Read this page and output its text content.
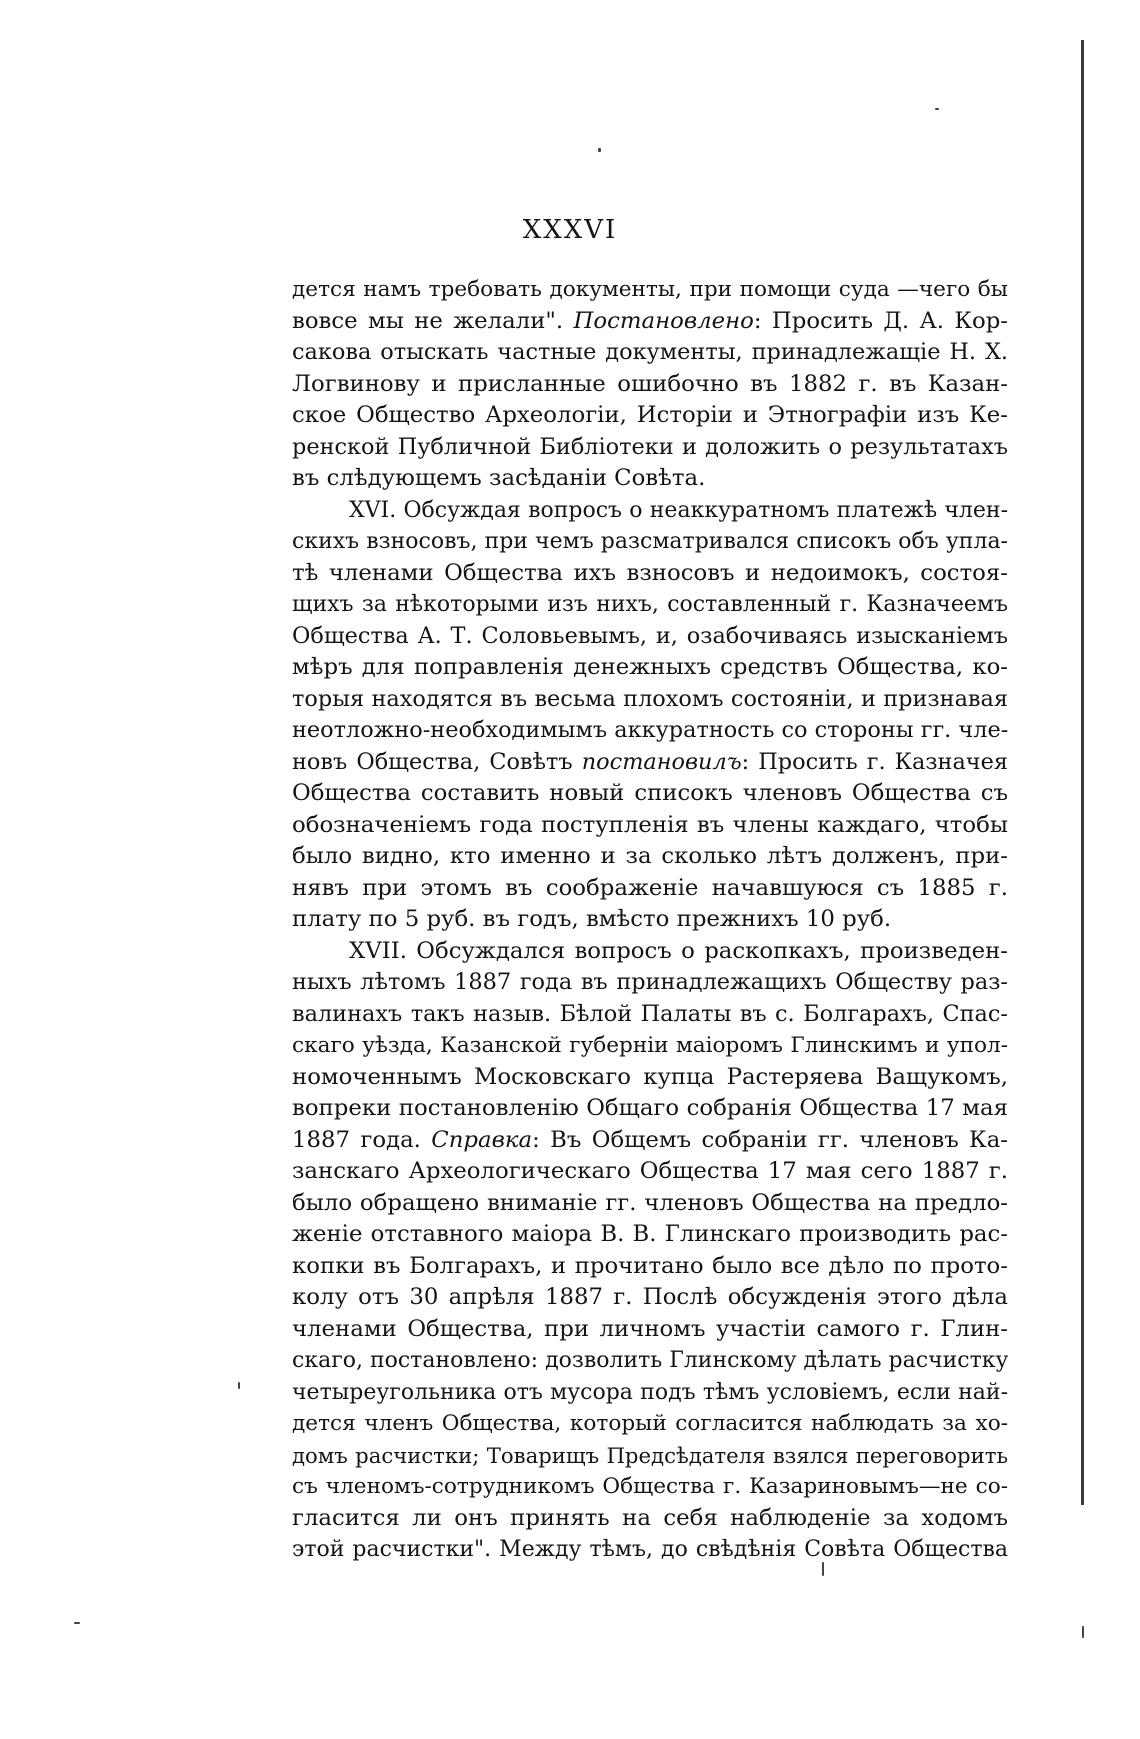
XXXVI
дется намъ требовать документы, при помощи суда —чего бы
вовсе мы не желали". Постановлено: Просить Д. А. Кор-
сакова отыскать частные документы, принадлежащіе Н. Х.
Логвинову и присланные ошибочно въ 1882 г. въ Казан-
ское Общество Археологіи, Исторіи и Этнографіи изъ Ке-
ренской Публичной Библіотеки и доложить о результатахъ
въ слѣдующемъ засѣданіи Совѣта.
XVI. Обсуждая вопросъ о неаккуратномъ платежѣ член-
скихъ взносовъ, при чемъ разсматривался списокъ объ упла-
тѣ членами Общества ихъ взносовъ и недоимокъ, состоя-
щихъ за нѣкоторыми изъ нихъ, составленный г. Казначеемъ
Общества А. Т. Соловьевымъ, и, озабочиваясь изысканіемъ
мѣръ для поправленія денежныхъ средствъ Общества, ко-
торыя находятся въ весьма плохомъ состояніи, и признавая
неотложно-необходимымъ аккуратность со стороны гг. чле-
новъ Общества, Совѣтъ постановилъ: Просить г. Казначея
Общества составить новый списокъ членовъ Общества съ
обозначеніемъ года поступленія въ члены каждаго, чтобы
было видно, кто именно и за сколько лѣтъ долженъ, при-
нявъ при этомъ въ соображеніе начавшуюся съ 1885 г.
плату по 5 руб. въ годъ, вмѣсто прежнихъ 10 руб.
XVII. Обсуждался вопросъ о раскопкахъ, произведен-
ныхъ лѣтомъ 1887 года въ принадлежащихъ Обществу раз-
валинахъ такъ назыв. Бѣлой Палаты въ с. Болгарахъ, Спас-
скаго уѣзда, Казанской губерніи маіоромъ Глинскимъ и упол-
номоченнымъ Московскаго купца Растеряева Ващукомъ,
вопреки постановленію Общаго собранія Общества 17 мая
1887 года. Справка: Въ Общемъ собраніи гг. членовъ Ка-
занскаго Археологическаго Общества 17 мая сего 1887 г.
было обращено вниманіе гг. членовъ Общества на предло-
женіе отставного маіора В. В. Глинскаго производить рас-
копки въ Болгарахъ, и прочитано было все дѣло по прото-
колу отъ 30 апрѣля 1887 г. Послѣ обсужденія этого дѣла
членами Общества, при личномъ участіи самого г. Глин-
скаго, постановлено: дозволить Глинскому дѣлать расчистку
четыреугольника отъ мусора подъ тѣмъ условіемъ, если най-
дется членъ Общества, который согласится наблюдать за хо-
домъ расчистки; Товарищъ Предсѣдателя взялся переговорить
съ членомъ-сотрудникомъ Общества г. Казариновымъ—не со-
гласится ли онъ принять на себя наблюденіе за ходомъ
этой расчистки". Между тѣмъ, до свѣдѣнія Совѣта Общества
